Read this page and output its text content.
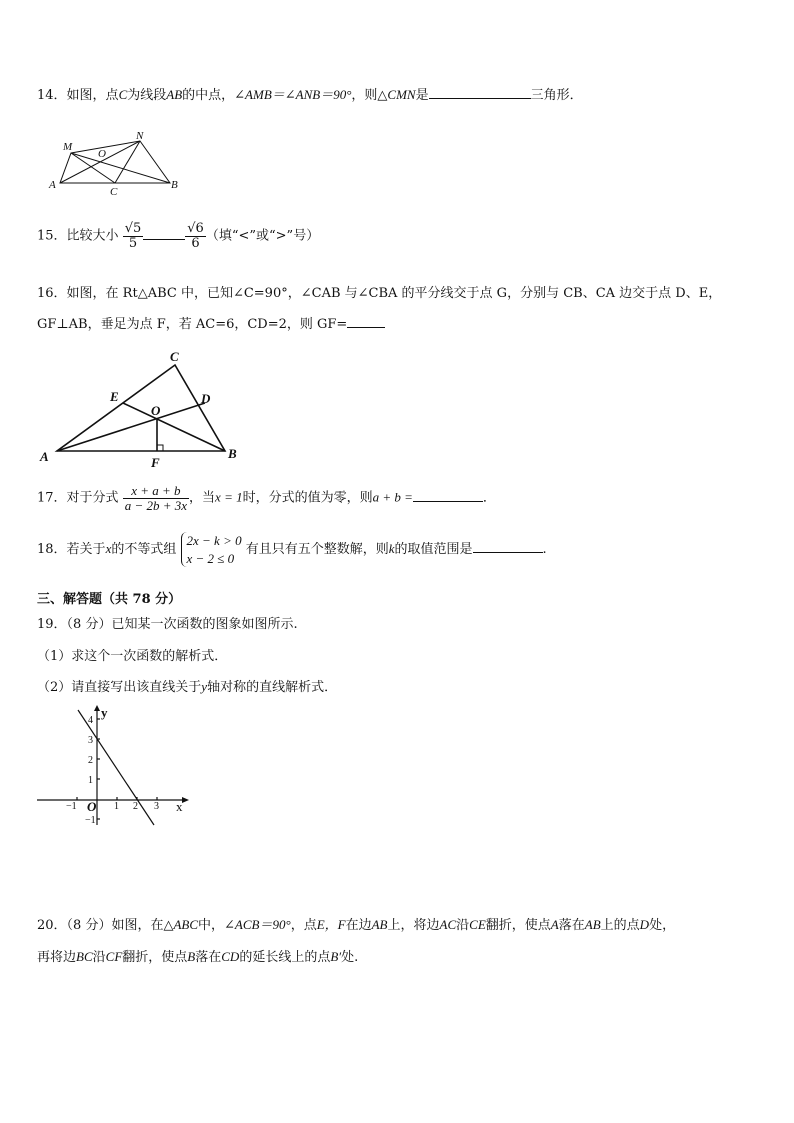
14．如图，点C为线段AB的中点，∠AMB＝∠ANB＝90°，则△CMN是	三角形．
M
N
O
A
C
B
15．比较大小 $\frac{√5}{5}$	$\frac{√6}{6}$ （填“<”或“>”号）
16．如图，在 Rt△ABC 中，已知∠C=90°，∠CAB 与∠CBA 的平分线交于点 G，分别与 CB、CA 边交于点 D、E，
GF⊥AB，垂足为点 F，若 AC=6，CD=2，则 GF=
C
E	D
O
A	B
F
17．对于分式 $\frac{x + a + b}{a - 2b + 3x}$ ，当x = 1时，分式的值为零，则a + b =	．
18．若关于x的不等式组
2x − k > 0
x − 2 ≤ 0
有且只有五个整数解，则k的取值范围是	.
三、解答题（共 78 分）
19．（8 分）已知某一次函数的图象如图所示.
（1）求这个一次函数的解析式．
（2）请直接写出该直线关于y轴对称的直线解析式．
−1	1 2 3
4
3
2
1
−1
O	x
y
20．（8 分）如图，在△ABC中，∠ACB＝90°，点E，F在边AB上，将边AC沿CE翻折，使点A落在AB上的点D处，
再将边BC沿CF翻折，使点B落在CD的延长线上的点B′处.
